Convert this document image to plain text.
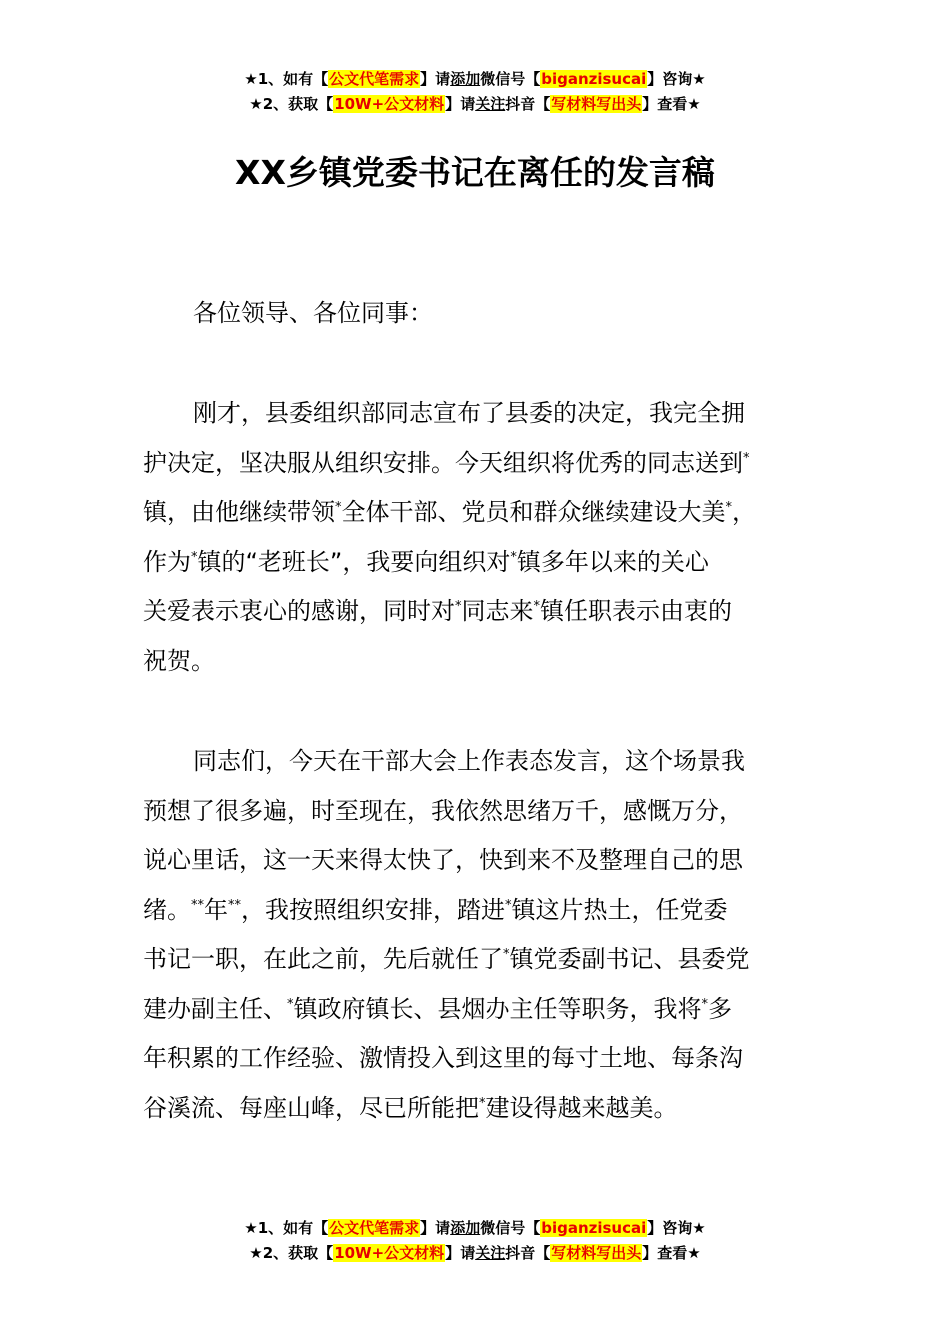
★1、如有【公文代笔需求】请添加微信号【biganzisucai】咨询★
★2、获取【10W+公文材料】请关注抖音【写材料写出头】查看★
XX乡镇党委书记在离任的发言稿

各位领导、各位同事：

刚才，县委组织部同志宣布了县委的决定，我完全拥
护决定，坚决服从组织安排。今天组织将优秀的同志送到*
镇，由他继续带领*全体干部、党员和群众继续建设大美*，
作为*镇的“老班长”，我要向组织对*镇多年以来的关心
关爱表示衷心的感谢，同时对*同志来*镇任职表示由衷的
祝贺。
同志们，今天在干部大会上作表态发言，这个场景我
预想了很多遍，时至现在，我依然思绪万千，感慨万分，
说心里话，这一天来得太快了，快到来不及整理自己的思
绪。**年**，我按照组织安排，踏进*镇这片热土，任党委
书记一职，在此之前，先后就任了*镇党委副书记、县委党
建办副主任、*镇政府镇长、县烟办主任等职务，我将*多
年积累的工作经验、激情投入到这里的每寸土地、每条沟
谷溪流、每座山峰，尽已所能把*建设得越来越美。
★1、如有【公文代笔需求】请添加微信号【biganzisucai】咨询★
★2、获取【10W+公文材料】请关注抖音【写材料写出头】查看★
